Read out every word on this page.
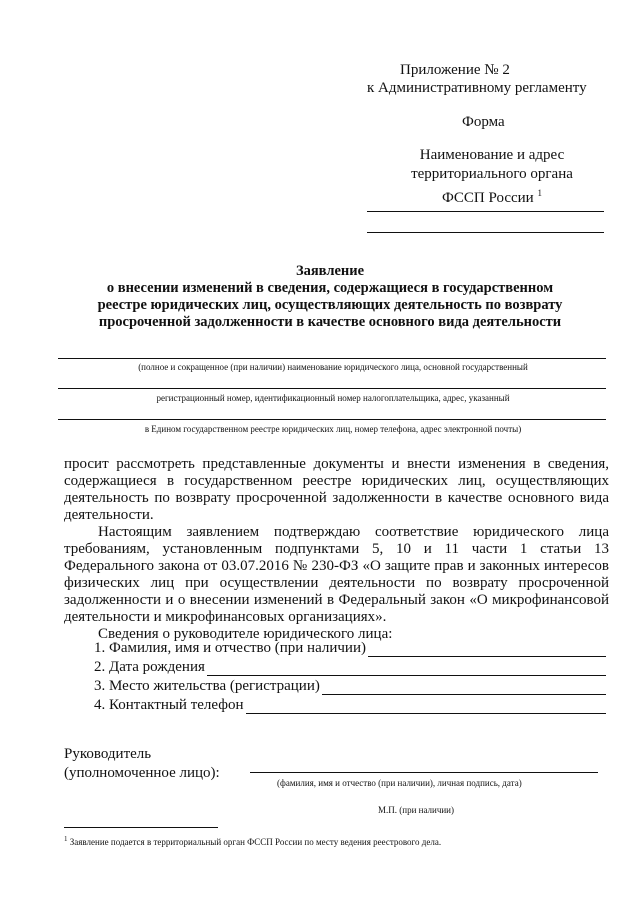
Приложение № 2
к Административному регламенту
Форма
Наименование и адрес
территориального органа
ФССП России $^1$
Заявление
о внесении изменений в сведения, содержащиеся в государственном
реестре юридических лиц, осуществляющих деятельность по возврату
просроченной задолженности в качестве основного вида деятельности
(полное и сокращенное (при наличии) наименование юридического лица, основной государственный
регистрационный номер, идентификационный номер налогоплательщика, адрес, указанный
в Едином государственном реестре юридических лиц, номер телефона, адрес электронной почты)

просит рассмотреть представленные документы и внести изменения в сведения, содержащиеся в государственном реестре юридических лиц, осуществляющих деятельность по возврату просроченной задолженности в качестве основного вида деятельности.

Настоящим заявлением подтверждаю соответствие юридического лица требованиям, установленным подпунктами 5, 10 и 11 части 1 статьи 13 Федерального закона от 03.07.2016 № 230-ФЗ «О защите прав и законных интересов физических лиц при осуществлении деятельности по возврату просроченной задолженности и о внесении изменений в Федеральный закон «О микрофинансовой деятельности и микрофинансовых организациях».

Сведения о руководителе юридического лица:

1. Фамилия, имя и отчество (при наличии)
2. Дата рождения
3. Место жительства (регистрации)
4. Контактный телефон
Руководитель
(уполномоченное лицо):
(фамилия, имя и отчество (при наличии), личная подпись, дата)
М.П. (при наличии)
$^1$ Заявление подается в территориальный орган ФССП России по месту ведения реестрового дела.
